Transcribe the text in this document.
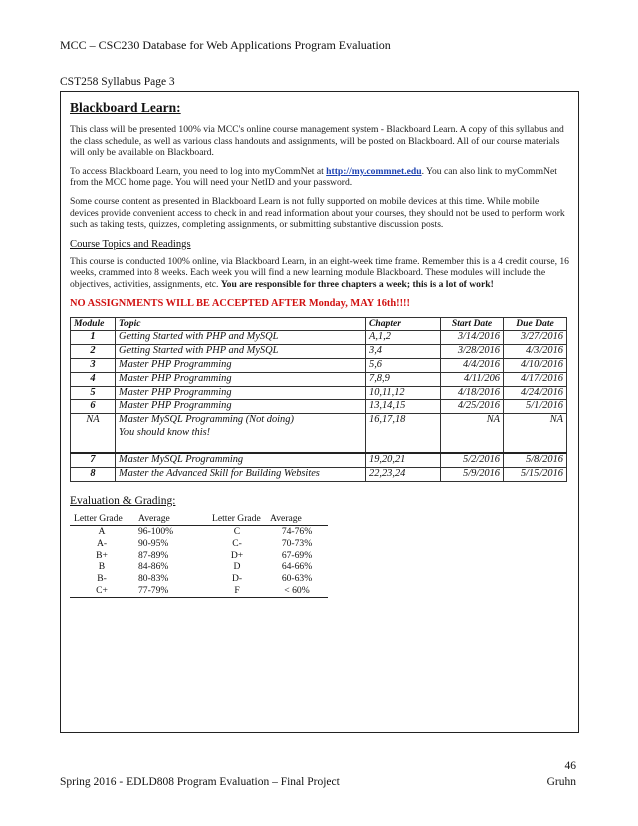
MCC – CSC230 Database for Web Applications Program Evaluation
CST258 Syllabus Page 3
Blackboard Learn:

This class will be presented 100% via MCC's online course management system - Blackboard Learn. A copy of this syllabus and the class schedule, as well as various class handouts and assignments, will be posted on Blackboard. All of our course materials will only be available on Blackboard.

To access Blackboard Learn, you need to log into myCommNet at http://my.commnet.edu. You can also link to myCommNet from the MCC home page. You will need your NetID and your password.

Some course content as presented in Blackboard Learn is not fully supported on mobile devices at this time. While mobile devices provide convenient access to check in and read information about your courses, they should not be used to perform work such as taking tests, quizzes, completing assignments, or submitting substantive discussion posts.

Course Topics and Readings

This course is conducted 100% online, via Blackboard Learn, in an eight-week time frame. Remember this is a 4 credit course, 16 weeks, crammed into 8 weeks. Each week you will find a new learning module Blackboard. These modules will include the objectives, activities, assignments, etc. You are responsible for three chapters a week; this is a lot of work!

NO ASSIGNMENTS WILL BE ACCEPTED AFTER Monday, MAY 16th!!!!
Module	Topic	Chapter	Start Date	Due Date
1	Getting Started with PHP and MySQL	A,1,2	3/14/2016	3/27/2016
2	Getting Started with PHP and MySQL	3,4	3/28/2016	4/3/2016
3	Master PHP Programming	5,6	4/4/2016	4/10/2016
4	Master PHP Programming	7,8,9	4/11/206	4/17/2016
5	Master PHP Programming	10,11,12	4/18/2016	4/24/2016
6	Master PHP Programming	13,14,15	4/25/2016	5/1/2016
NA	Master MySQL Programming (Not doing)
You should know this!	16,17,18	NA	NA
7	Master MySQL Programming	19,20,21	5/2/2016	5/8/2016
8	Master the Advanced Skill for Building Websites	22,23,24	5/9/2016	5/15/2016
Evaluation & Grading:
Letter Grade	Average	Letter Grade	Average
A	96-100%	C	74-76%
A-	90-95%	C-	70-73%
B+	87-89%	D+	67-69%
B	84-86%	D	64-66%
B-	80-83%	D-	60-63%
C+	77-79%	F	< 60%
46
Spring 2016 - EDLD808 Program Evaluation – Final Project	Gruhn
